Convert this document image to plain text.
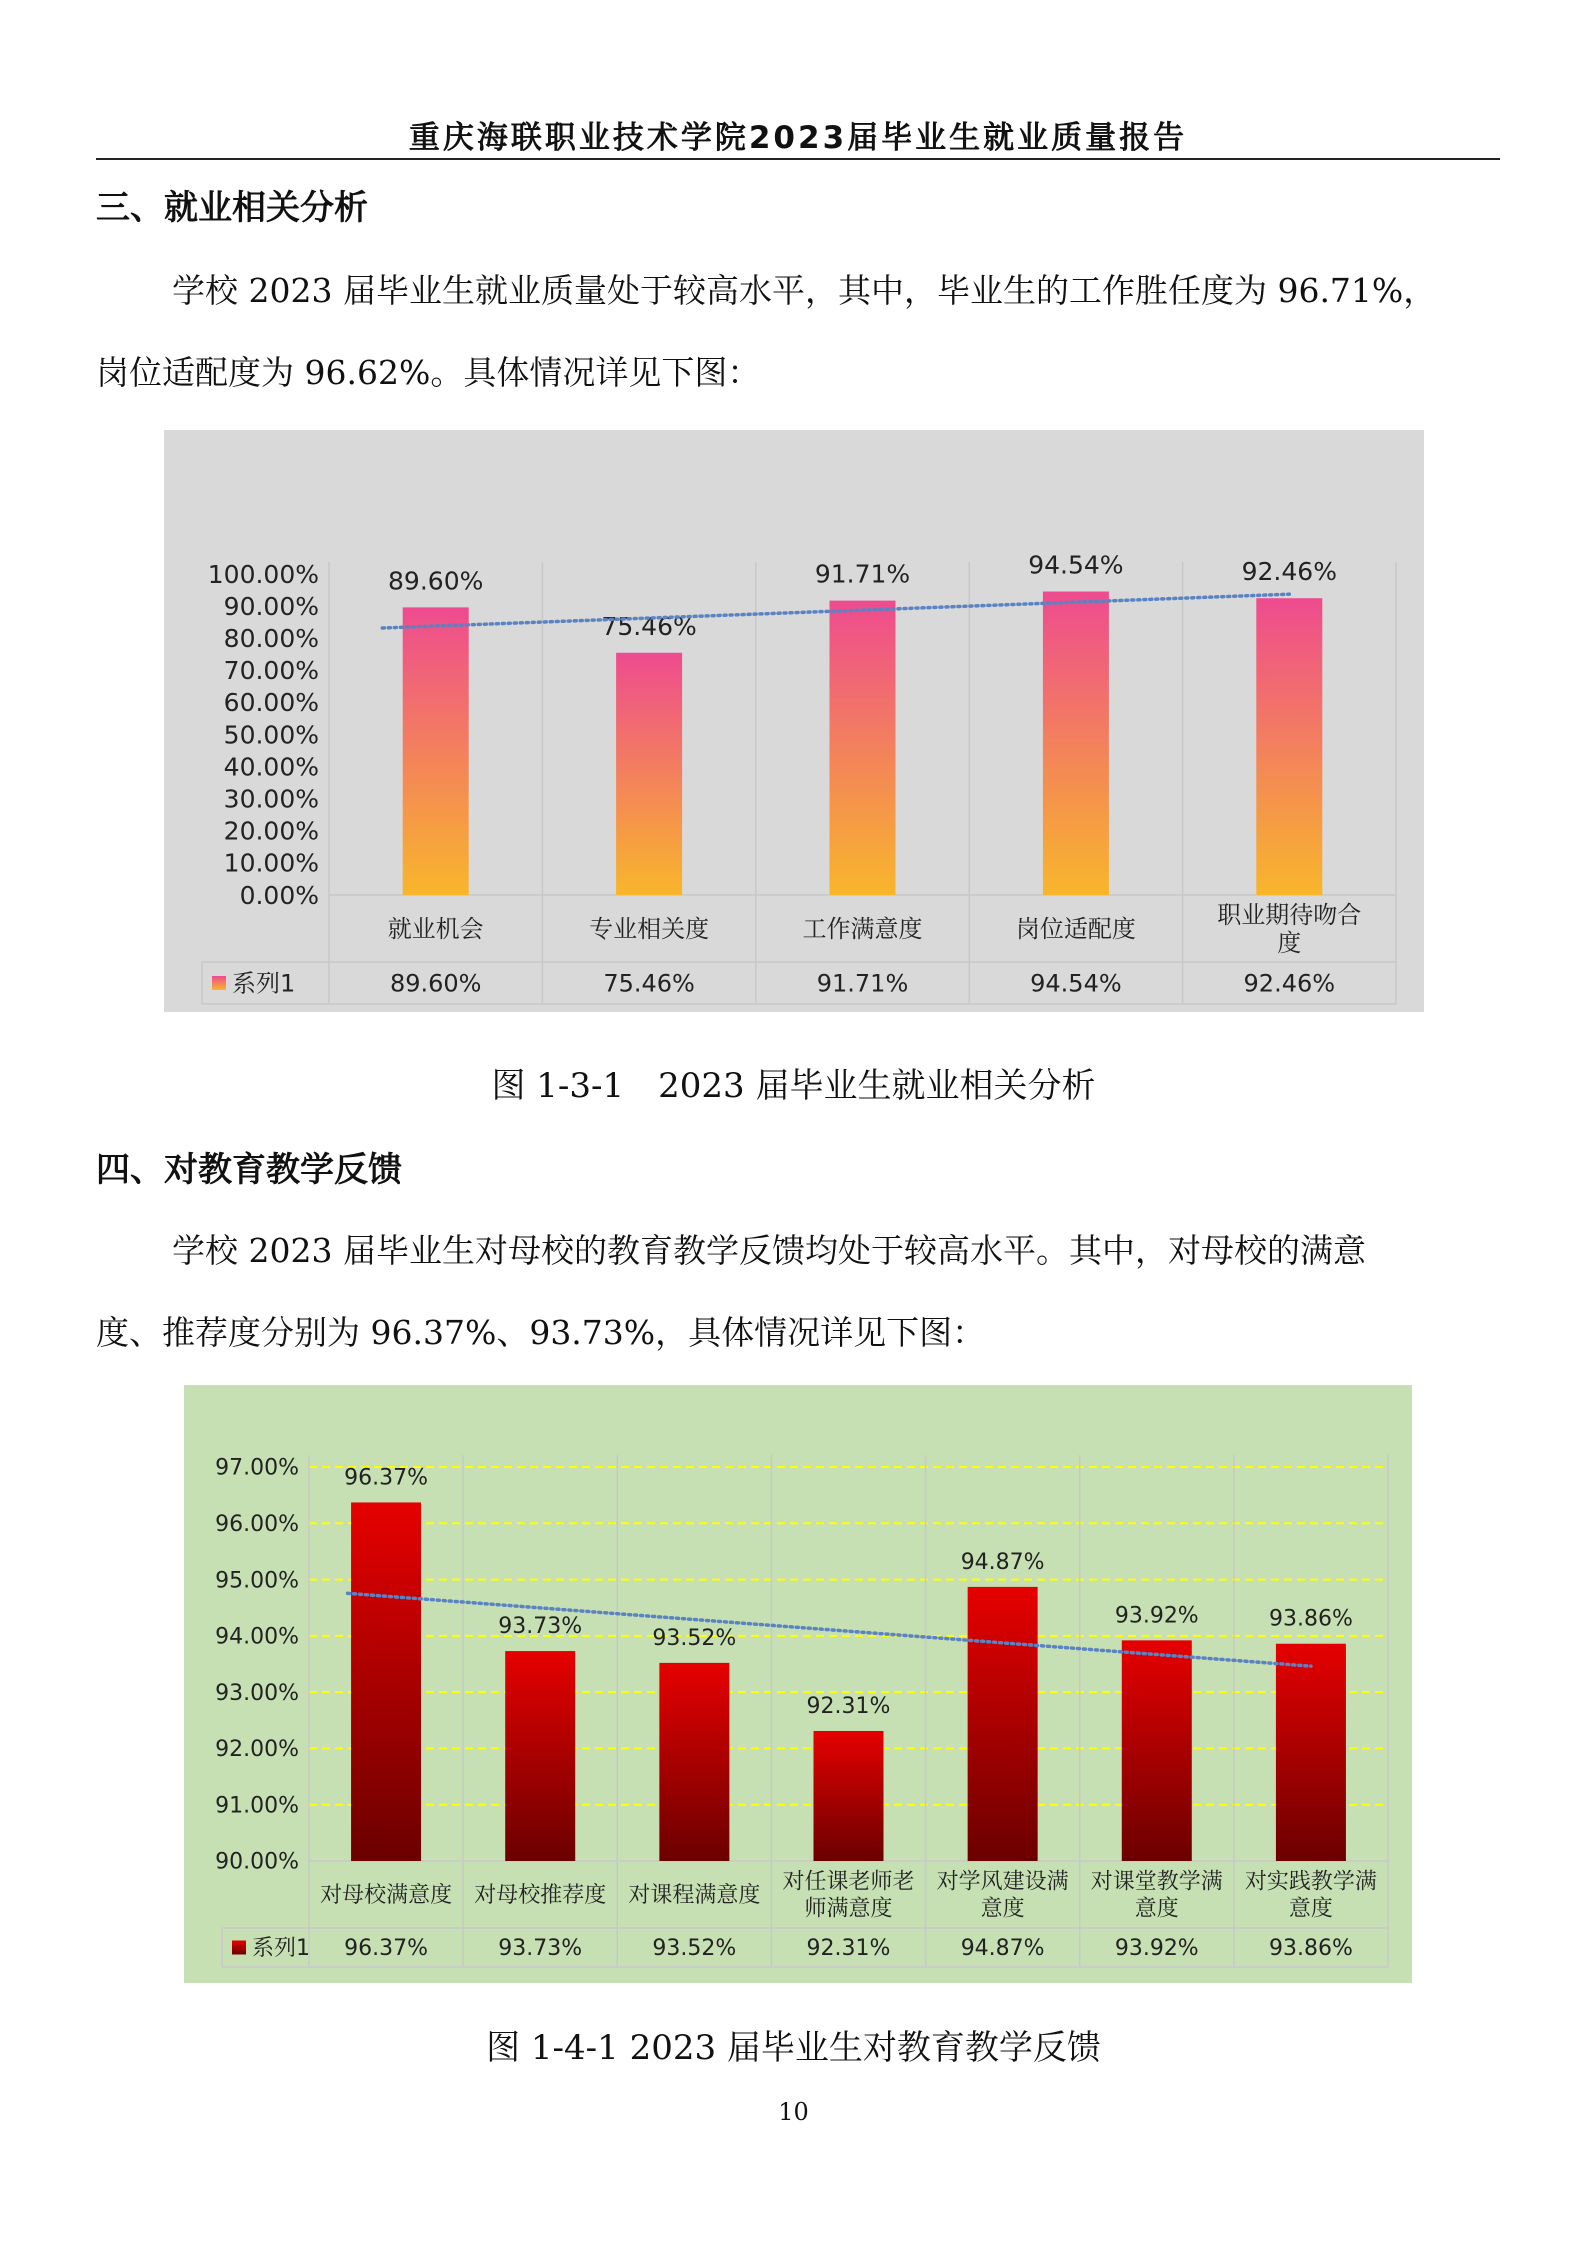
重庆海联职业技术学院2023届毕业生就业质量报告
三、就业相关分析
学校 2023 届毕业生就业质量处于较高水平，其中，毕业生的工作胜任度为 96.71%，
岗位适配度为 96.62%。具体情况详见下图：
100.00%
90.00%
80.00%
70.00%
60.00%
50.00%
40.00%
30.00%
20.00%
10.00%
0.00%
89.60%
就业机会
89.60%
75.46%
专业相关度
75.46%
91.71%
工作满意度
91.71%
94.54%
岗位适配度
94.54%
92.46%
职业期待吻合
度
92.46%
系列1
图 1-3-1　2023 届毕业生就业相关分析
四、对教育教学反馈
学校 2023 届毕业生对母校的教育教学反馈均处于较高水平。其中，对母校的满意
度、推荐度分别为 96.37%、93.73%，具体情况详见下图：
97.00%
96.00%
95.00%
94.00%
93.00%
92.00%
91.00%
90.00%
96.37%
对母校满意度
96.37%
93.73%
对母校推荐度
93.73%
93.52%
对课程满意度
93.52%
92.31%
对任课老师老
师满意度
92.31%
94.87%
对学风建设满
意度
94.87%
93.92%
对课堂教学满
意度
93.92%
93.86%
对实践教学满
意度
93.86%
系列1
图 1-4-1 2023 届毕业生对教育教学反馈
10
